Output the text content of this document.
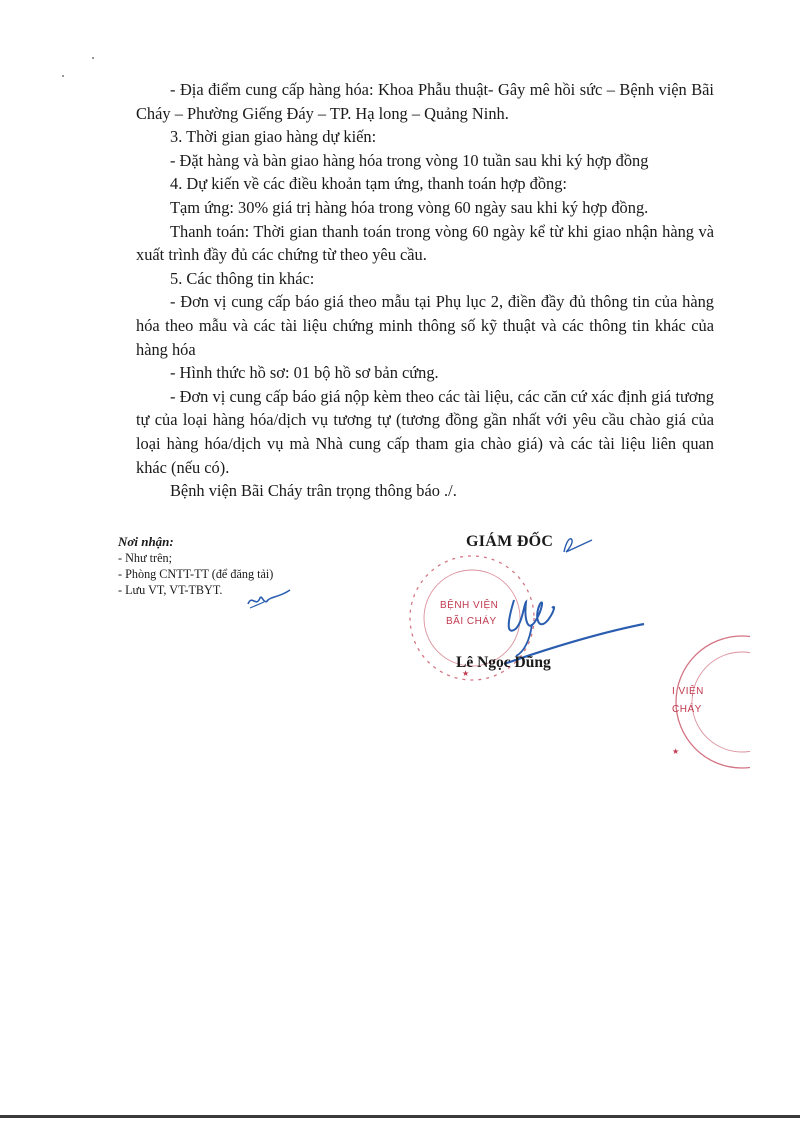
- Địa điểm cung cấp hàng hóa: Khoa Phẫu thuật- Gây mê hồi sức – Bệnh viện Bãi Cháy – Phường Giếng Đáy – TP. Hạ long – Quảng Ninh.

3. Thời gian giao hàng dự kiến:

- Đặt hàng và bàn giao hàng hóa trong vòng 10 tuần sau khi ký hợp đồng

4. Dự kiến về các điều khoản tạm ứng, thanh toán hợp đồng:

Tạm ứng: 30% giá trị hàng hóa trong vòng 60 ngày sau khi ký hợp đồng.

Thanh toán: Thời gian thanh toán trong vòng 60 ngày kể từ khi giao nhận hàng và xuất trình đầy đủ các chứng từ theo yêu cầu.

5. Các thông tin khác:

- Đơn vị cung cấp báo giá theo mẫu tại Phụ lục 2, điền đầy đủ thông tin của hàng hóa theo mẫu và các tài liệu chứng minh thông số kỹ thuật và các thông tin khác của hàng hóa

- Hình thức hồ sơ: 01 bộ hồ sơ bản cứng.

- Đơn vị cung cấp báo giá nộp kèm theo các tài liệu, các căn cứ xác định giá tương tự của loại hàng hóa/dịch vụ tương tự (tương đồng gần nhất với yêu cầu chào giá của loại hàng hóa/dịch vụ mà Nhà cung cấp tham gia chào giá) và các tài liệu liên quan khác (nếu có).

Bệnh viện Bãi Cháy trân trọng thông báo ./.

Nơi nhận:
- Như trên;
- Phòng CNTT-TT (để đăng tải)
- Lưu VT, VT-TBYT.
BỆNH VIỆN
BÃI CHÁY
★
GIÁM ĐỐC
Lê Ngọc Dũng
I VIỆN
CHÁY
★
